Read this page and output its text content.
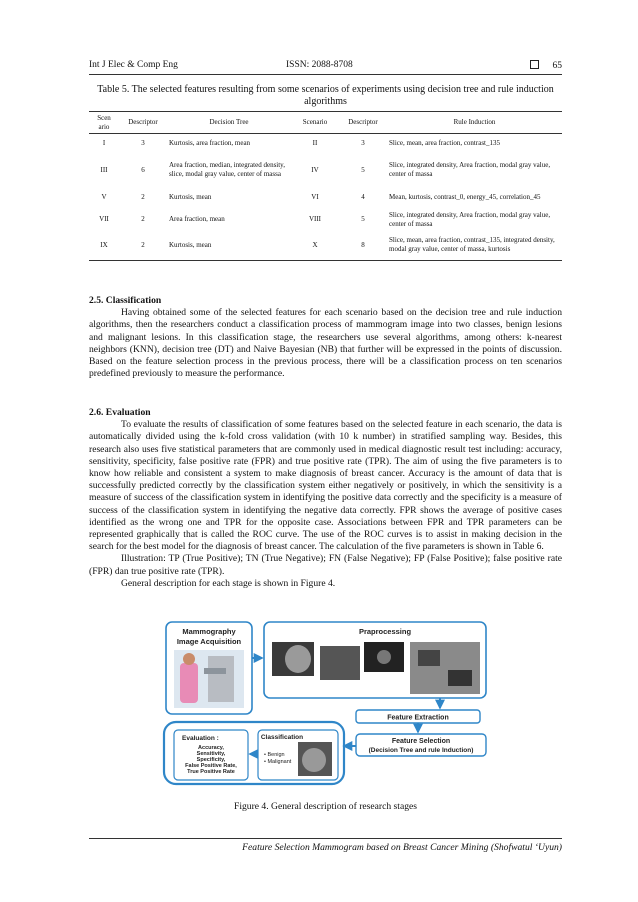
Int J Elec & Comp Eng	ISSN: 2088-8708	65
Table 5. The selected features resulting from some scenarios of experiments using decision tree and rule induction algorithms
Scen ario	Descriptor	Decision Tree	Scenario	Descriptor	Rule Induction
I	3	Kurtosis, area fraction, mean	II	3	Slice, mean, area fraction, contrast_135
III	6	Area fraction, median, integrated density, slice, modal gray value, center of massa	IV	5	Slice, integrated density, Area fraction, modal gray value, center of massa
V	2	Kurtosis, mean	VI	4	Mean, kurtosis, contrast_0, energy_45, correlation_45
VII	2	Area fraction, mean	VIII	5	Slice, integrated density, Area fraction, modal gray value, center of massa
IX	2	Kurtosis, mean	X	8	Slice, mean, area fraction, contrast_135, integrated density, modal gray value, center of massa, kurtosis
2.5. Classification

Having obtained some of the selected features for each scenario based on the decision tree and rule induction algorithms, then the researchers conduct a classification process of mammogram image into two classes, benign lesions and malignant lesions. In this classification stage, the researchers use several algorithms, among others: k-nearest neighbors (KNN), decision tree (DT) and Naive Bayesian (NB) that further will be expressed in the points of discussion. Based on the feature selection process in the previous process, there will be a classification process on ten scenarios predefined previously to measure the performance.

2.6. Evaluation

To evaluate the results of classification of some features based on the selected feature in each scenario, the data is automatically divided using the k-fold cross validation (with 10 k number) in stratified sampling way. Besides, this research also uses five statistical parameters that are commonly used in medical diagnostic result test including: accuracy, sensitivity, specificity, false positive rate (FPR) and true positive rate (TPR). The aim of using the five parameters is to know how reliable and consistent a system to make diagnosis of breast cancer. Accuracy is the amount of data that is successfully predicted correctly by the classification system either negatively or positively, in which the sensitivity is a measure of success of the classification system in identifying the positive data correctly and the specificity is a measure of success of the classification system in identifying the negative data correctly. FPR shows the average of positive cases identified as the wrong one and TPR for the opposite case. Associations between FPR and TPR parameters can be represented graphically that is called the ROC curve. The use of the ROC curves is to assist in making decision in the search for the best model for the diagnosis of breast cancer. The calculation of the five parameters is shown in Table 6.

Illustration: TP (True Positive); TN (True Negative); FN (False Negative); FP (False Positive); false positive rate (FPR) dan true positive rate (TPR).

General description for each stage is shown in Figure 4.

Mammography
Image Acquisition
Praprocessing
Feature Extraction
Feature Selection
(Decision Tree and rule Induction)
Evaluation :
Accuracy,
Sensitivity,
Specificity,
False Positive Rate,
True Positive Rate
Classification
• Benign
• Malignant
Figure 4. General description of research stages
Feature Selection Mammogram based on Breast Cancer Mining (Shofwatul ‘Uyun)
